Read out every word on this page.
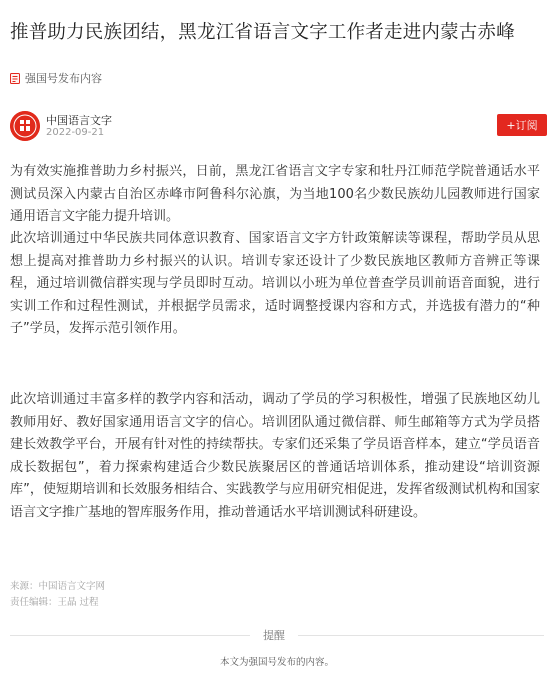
推普助力民族团结，黑龙江省语言文字工作者走进内蒙古赤峰
强国号发布内容
中国语言文字
2022-09-21
+订阅

为有效实施推普助力乡村振兴，日前，黑龙江省语言文字专家和牡丹江师范学院普通话水平测试员深入内蒙古自治区赤峰市阿鲁科尔沁旗，为当地100名少数民族幼儿园教师进行国家通用语言文字能力提升培训。

此次培训通过中华民族共同体意识教育、国家语言文字方针政策解读等课程，帮助学员从思想上提高对推普助力乡村振兴的认识。培训专家还设计了少数民族地区教师方音辨正等课程，通过培训微信群实现与学员即时互动。培训以小班为单位普查学员训前语音面貌，进行实训工作和过程性测试，并根据学员需求，适时调整授课内容和方式，并选拔有潜力的“种子”学员，发挥示范引领作用。

此次培训通过丰富多样的教学内容和活动，调动了学员的学习积极性，增强了民族地区幼儿教师用好、教好国家通用语言文字的信心。培训团队通过微信群、师生邮箱等方式为学员搭建长效教学平台，开展有针对性的持续帮扶。专家们还采集了学员语音样本，建立“学员语音成长数据包”，着力探索构建适合少数民族聚居区的普通话培训体系，推动建设“培训资源库”，使短期培训和长效服务相结合、实践教学与应用研究相促进，发挥省级测试机构和国家语言文字推广基地的智库服务作用，推动普通话水平培训测试科研建设。

来源：中国语言文字网
责任编辑：王晶 过程
提醒
本文为强国号发布的内容。
